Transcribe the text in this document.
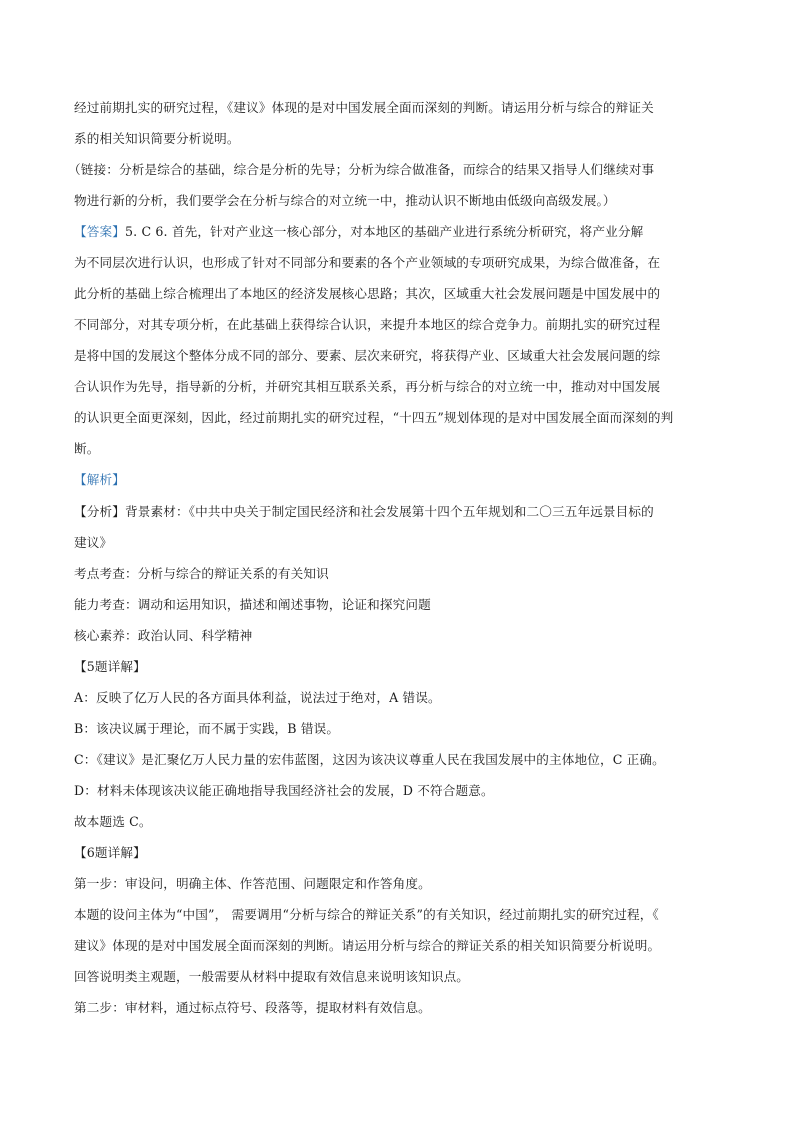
经过前期扎实的研究过程，《建议》体现的是对中国发展全面而深刻的判断。请运用分析与综合的辩证关
系的相关知识简要分析说明。
（链接：分析是综合的基础，综合是分析的先导；分析为综合做准备，而综合的结果又指导人们继续对事
物进行新的分析，我们要学会在分析与综合的对立统一中，推动认识不断地由低级向高级发展。）
【答案】5. C 6. 首先，针对产业这一核心部分，对本地区的基础产业进行系统分析研究，将产业分解
为不同层次进行认识，也形成了针对不同部分和要素的各个产业领域的专项研究成果，为综合做准备，在
此分析的基础上综合梳理出了本地区的经济发展核心思路；其次，区域重大社会发展问题是中国发展中的
不同部分，对其专项分析，在此基础上获得综合认识，来提升本地区的综合竞争力。前期扎实的研究过程
是将中国的发展这个整体分成不同的部分、要素、层次来研究，将获得产业、区域重大社会发展问题的综
合认识作为先导，指导新的分析，并研究其相互联系关系，再分析与综合的对立统一中，推动对中国发展
的认识更全面更深刻，因此，经过前期扎实的研究过程，“十四五”规划体现的是对中国发展全面而深刻的判
断。
【解析】
【分析】背景素材：《中共中央关于制定国民经济和社会发展第十四个五年规划和二〇三五年远景目标的
建议》
考点考查：分析与综合的辩证关系的有关知识
能力考查：调动和运用知识，描述和阐述事物，论证和探究问题
核心素养：政治认同、科学精神
【5题详解】
A：反映了亿万人民的各方面具体利益，说法过于绝对，A 错误。
B：该决议属于理论，而不属于实践，B 错误。
C：《建议》是汇聚亿万人民力量的宏伟蓝图，这因为该决议尊重人民在我国发展中的主体地位，C 正确。
D：材料未体现该决议能正确地指导我国经济社会的发展，D 不符合题意。
故本题选 C。
【6题详解】
第一步：审设问，明确主体、作答范围、问题限定和作答角度。
本题的设问主体为“中国”， 需要调用“分析与综合的辩证关系”的有关知识，经过前期扎实的研究过程，《
建议》体现的是对中国发展全面而深刻的判断。请运用分析与综合的辩证关系的相关知识简要分析说明。
回答说明类主观题，一般需要从材料中提取有效信息来说明该知识点。
第二步：审材料，通过标点符号、段落等，提取材料有效信息。
